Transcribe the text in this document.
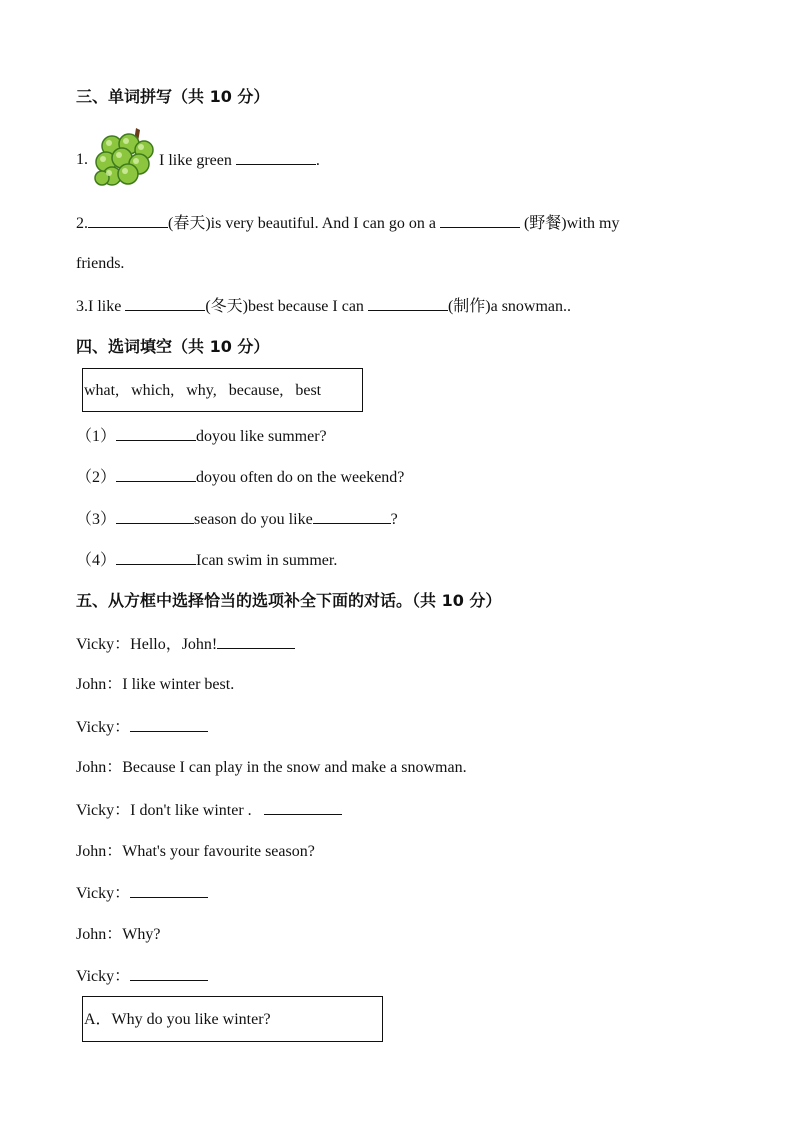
三、单词拼写（共 10 分）
1.	I like green	.
2.	(春天)is very beautiful. And I can go on a	(野餐)with my
friends.
3.I like	(冬天)best because I can	(制作)a snowman..
四、选词填空（共 10 分）
what,   which,   why,   because,   best
（1）	doyou like summer?
（2）	doyou often do on the weekend?
（3）	season do you like	?
（4）	Ican swim in summer.
五、从方框中选择恰当的选项补全下面的对话。（共 10 分）
Vicky：Hello，John!
John：I like winter best.
Vicky：
John：Because I can play in the snow and make a snowman.
Vicky：I don't like winter .
John：What's your favourite season?
Vicky：
John：Why?
Vicky：
A．Why do you like winter?
